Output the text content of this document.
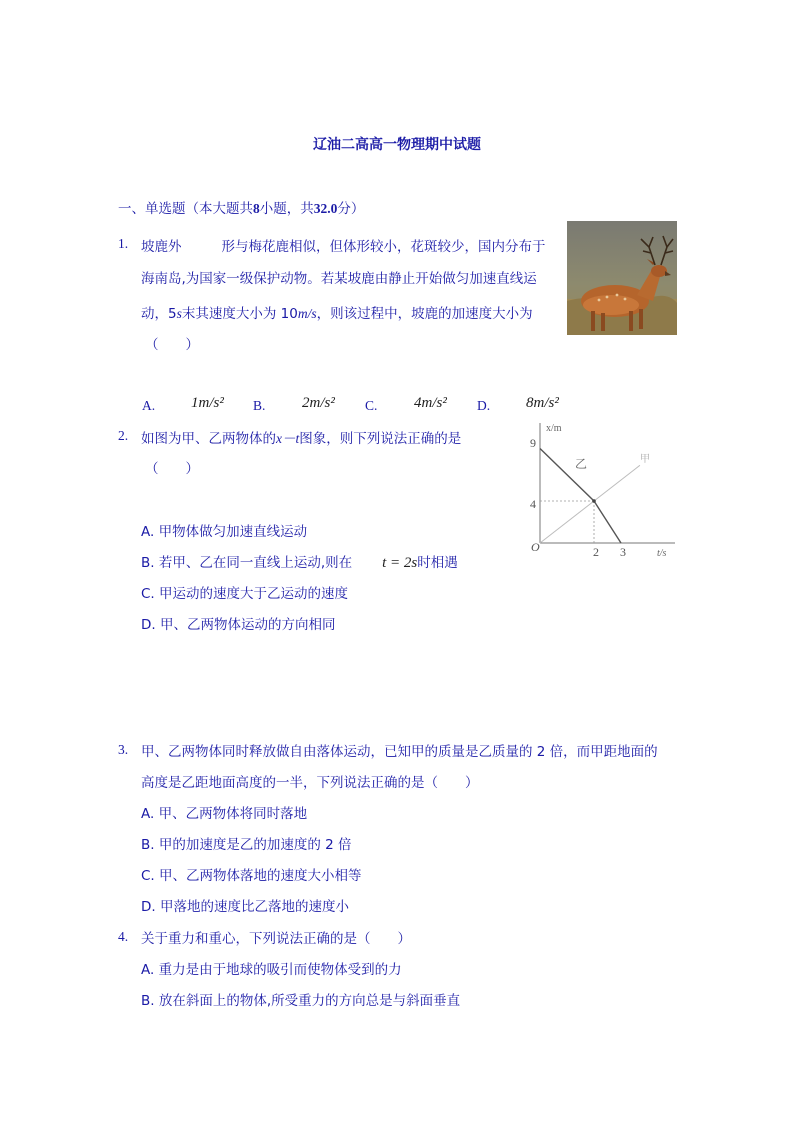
辽油二高高一物理期中试题
一、单选题（本大题共8小题，共32.0分）
1. 坡鹿外	形与梅花鹿相似，但体形较小，花斑较少，国内分布于
海南岛,为国家一级保护动物。若某坡鹿由静止开始做匀加速直线运
动，5s末其速度大小为 10m/s，则该过程中，坡鹿的加速度大小为
（　　）
A. 1m/s² B. 2m/s² C. 4m/s² D. 8m/s²
2. 如图为甲、乙两物体的x－t图象，则下列说法正确的是
（　　）
A. 甲物体做匀加速直线运动
B. 若甲、乙在同一直线上运动,则在 t = 2s时相遇
C. 甲运动的速度大于乙运动的速度
D. 甲、乙两物体运动的方向相同
x/m
t/s
O
9
4
2 3
乙	甲
3. 甲、乙两物体同时释放做自由落体运动，已知甲的质量是乙质量的 2 倍，而甲距地面的
高度是乙距地面高度的一半，下列说法正确的是（　　）
A. 甲、乙两物体将同时落地
B. 甲的加速度是乙的加速度的 2 倍
C. 甲、乙两物体落地的速度大小相等
D. 甲落地的速度比乙落地的速度小
4. 关于重力和重心，下列说法正确的是（　　）
A. 重力是由于地球的吸引而使物体受到的力
B. 放在斜面上的物体,所受重力的方向总是与斜面垂直
